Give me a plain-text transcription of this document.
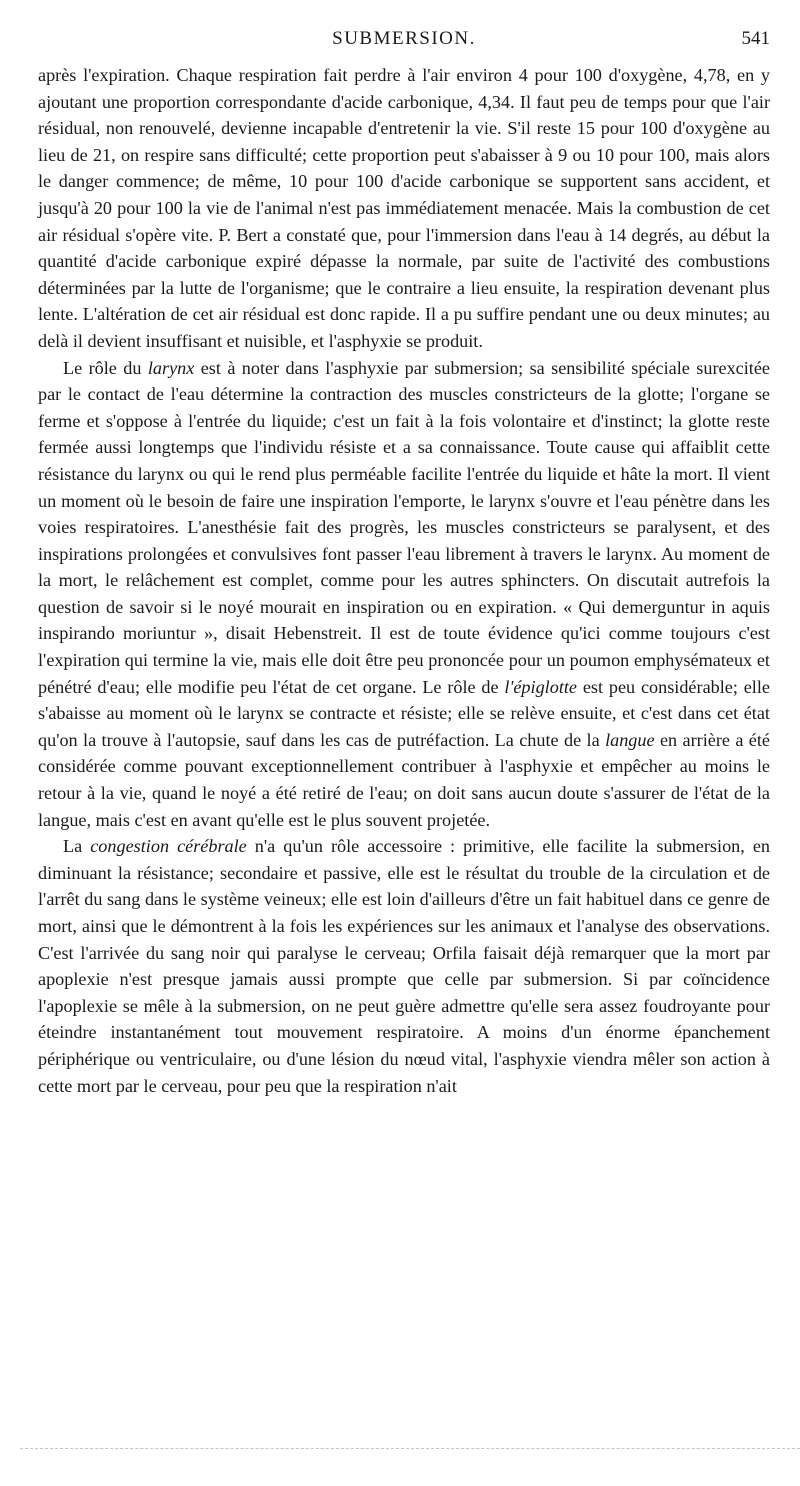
SUBMERSION.	541

après l'expiration. Chaque respiration fait perdre à l'air environ 4 pour 100 d'oxygène, 4,78, en y ajoutant une proportion correspondante d'acide carbonique, 4,34. Il faut peu de temps pour que l'air résidual, non renouvelé, devienne incapable d'entretenir la vie. S'il reste 15 pour 100 d'oxygène au lieu de 21, on respire sans difficulté; cette proportion peut s'abaisser à 9 ou 10 pour 100, mais alors le danger commence; de même, 10 pour 100 d'acide carbonique se supportent sans accident, et jusqu'à 20 pour 100 la vie de l'animal n'est pas immédiatement menacée. Mais la combustion de cet air résidual s'opère vite. P. Bert a constaté que, pour l'immersion dans l'eau à 14 degrés, au début la quantité d'acide carbonique expiré dépasse la normale, par suite de l'activité des combustions déterminées par la lutte de l'organisme; que le contraire a lieu ensuite, la respiration devenant plus lente. L'altération de cet air résidual est donc rapide. Il a pu suffire pendant une ou deux minutes; au delà il devient insuffisant et nuisible, et l'asphyxie se produit.

Le rôle du larynx est à noter dans l'asphyxie par submersion; sa sensibilité spéciale surexcitée par le contact de l'eau détermine la contraction des muscles constricteurs de la glotte; l'organe se ferme et s'oppose à l'entrée du liquide; c'est un fait à la fois volontaire et d'instinct; la glotte reste fermée aussi longtemps que l'individu résiste et a sa connaissance. Toute cause qui affaiblit cette résistance du larynx ou qui le rend plus perméable facilite l'entrée du liquide et hâte la mort. Il vient un moment où le besoin de faire une inspiration l'emporte, le larynx s'ouvre et l'eau pénètre dans les voies respiratoires. L'anesthésie fait des progrès, les muscles constricteurs se paralysent, et des inspirations prolongées et convulsives font passer l'eau librement à travers le larynx. Au moment de la mort, le relâchement est complet, comme pour les autres sphincters. On discutait autrefois la question de savoir si le noyé mourait en inspiration ou en expiration. « Qui demerguntur in aquis inspirando moriuntur », disait Hebenstreit. Il est de toute évidence qu'ici comme toujours c'est l'expiration qui termine la vie, mais elle doit être peu prononcée pour un poumon emphysémateux et pénétré d'eau; elle modifie peu l'état de cet organe. Le rôle de l'épiglotte est peu considérable; elle s'abaisse au moment où le larynx se contracte et résiste; elle se relève ensuite, et c'est dans cet état qu'on la trouve à l'autopsie, sauf dans les cas de putréfaction. La chute de la langue en arrière a été considérée comme pouvant exceptionnellement contribuer à l'asphyxie et empêcher au moins le retour à la vie, quand le noyé a été retiré de l'eau; on doit sans aucun doute s'assurer de l'état de la langue, mais c'est en avant qu'elle est le plus souvent projetée.

La congestion cérébrale n'a qu'un rôle accessoire : primitive, elle facilite la submersion, en diminuant la résistance; secondaire et passive, elle est le résultat du trouble de la circulation et de l'arrêt du sang dans le système veineux; elle est loin d'ailleurs d'être un fait habituel dans ce genre de mort, ainsi que le démontrent à la fois les expériences sur les animaux et l'analyse des observations. C'est l'arrivée du sang noir qui paralyse le cerveau; Orfila faisait déjà remarquer que la mort par apoplexie n'est presque jamais aussi prompte que celle par submersion. Si par coïncidence l'apoplexie se mêle à la submersion, on ne peut guère admettre qu'elle sera assez foudroyante pour éteindre instantanément tout mouvement respiratoire. A moins d'un énorme épanchement périphérique ou ventriculaire, ou d'une lésion du nœud vital, l'asphyxie viendra mêler son action à cette mort par le cerveau, pour peu que la respiration n'ait
